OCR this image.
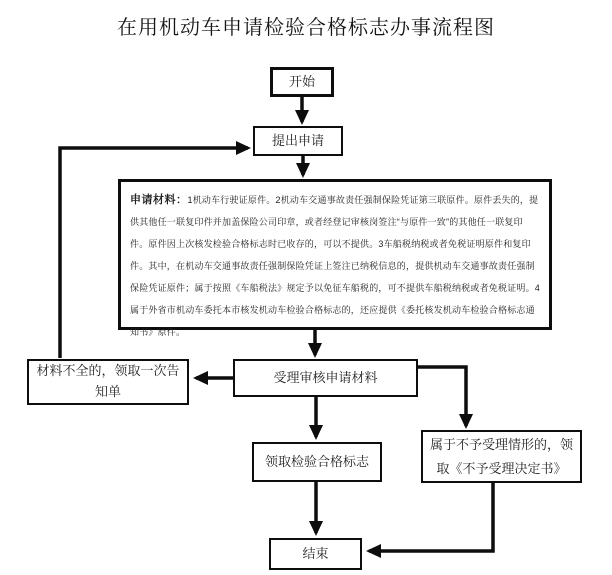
在用机动车申请检验合格标志办事流程图
开始
提出申请
申请材料：1机动车行驶证原件。2机动车交通事故责任强制保险凭证第三联原件。原件丢失的，提供其他任一联复印件并加盖保险公司印章，或者经登记审核岗签注“与原件一致”的其他任一联复印件。原件因上次核发检验合格标志时已收存的，可以不提供。3车船税纳税或者免税证明原件和复印件。其中，在机动车交通事故责任强制保险凭证上签注已纳税信息的，提供机动车交通事故责任强制保险凭证原件；属于按照《车船税法》规定予以免征车船税的，可不提供车船税纳税或者免税证明。4属于外省市机动车委托本市核发机动车检验合格标志的，还应提供《委托核发机动车检验合格标志通知书》原件。
受理审核申请材料
材料不全的，领取一次告知单
领取检验合格标志
属于不予受理情形的，领取《不予受理决定书》
结束
